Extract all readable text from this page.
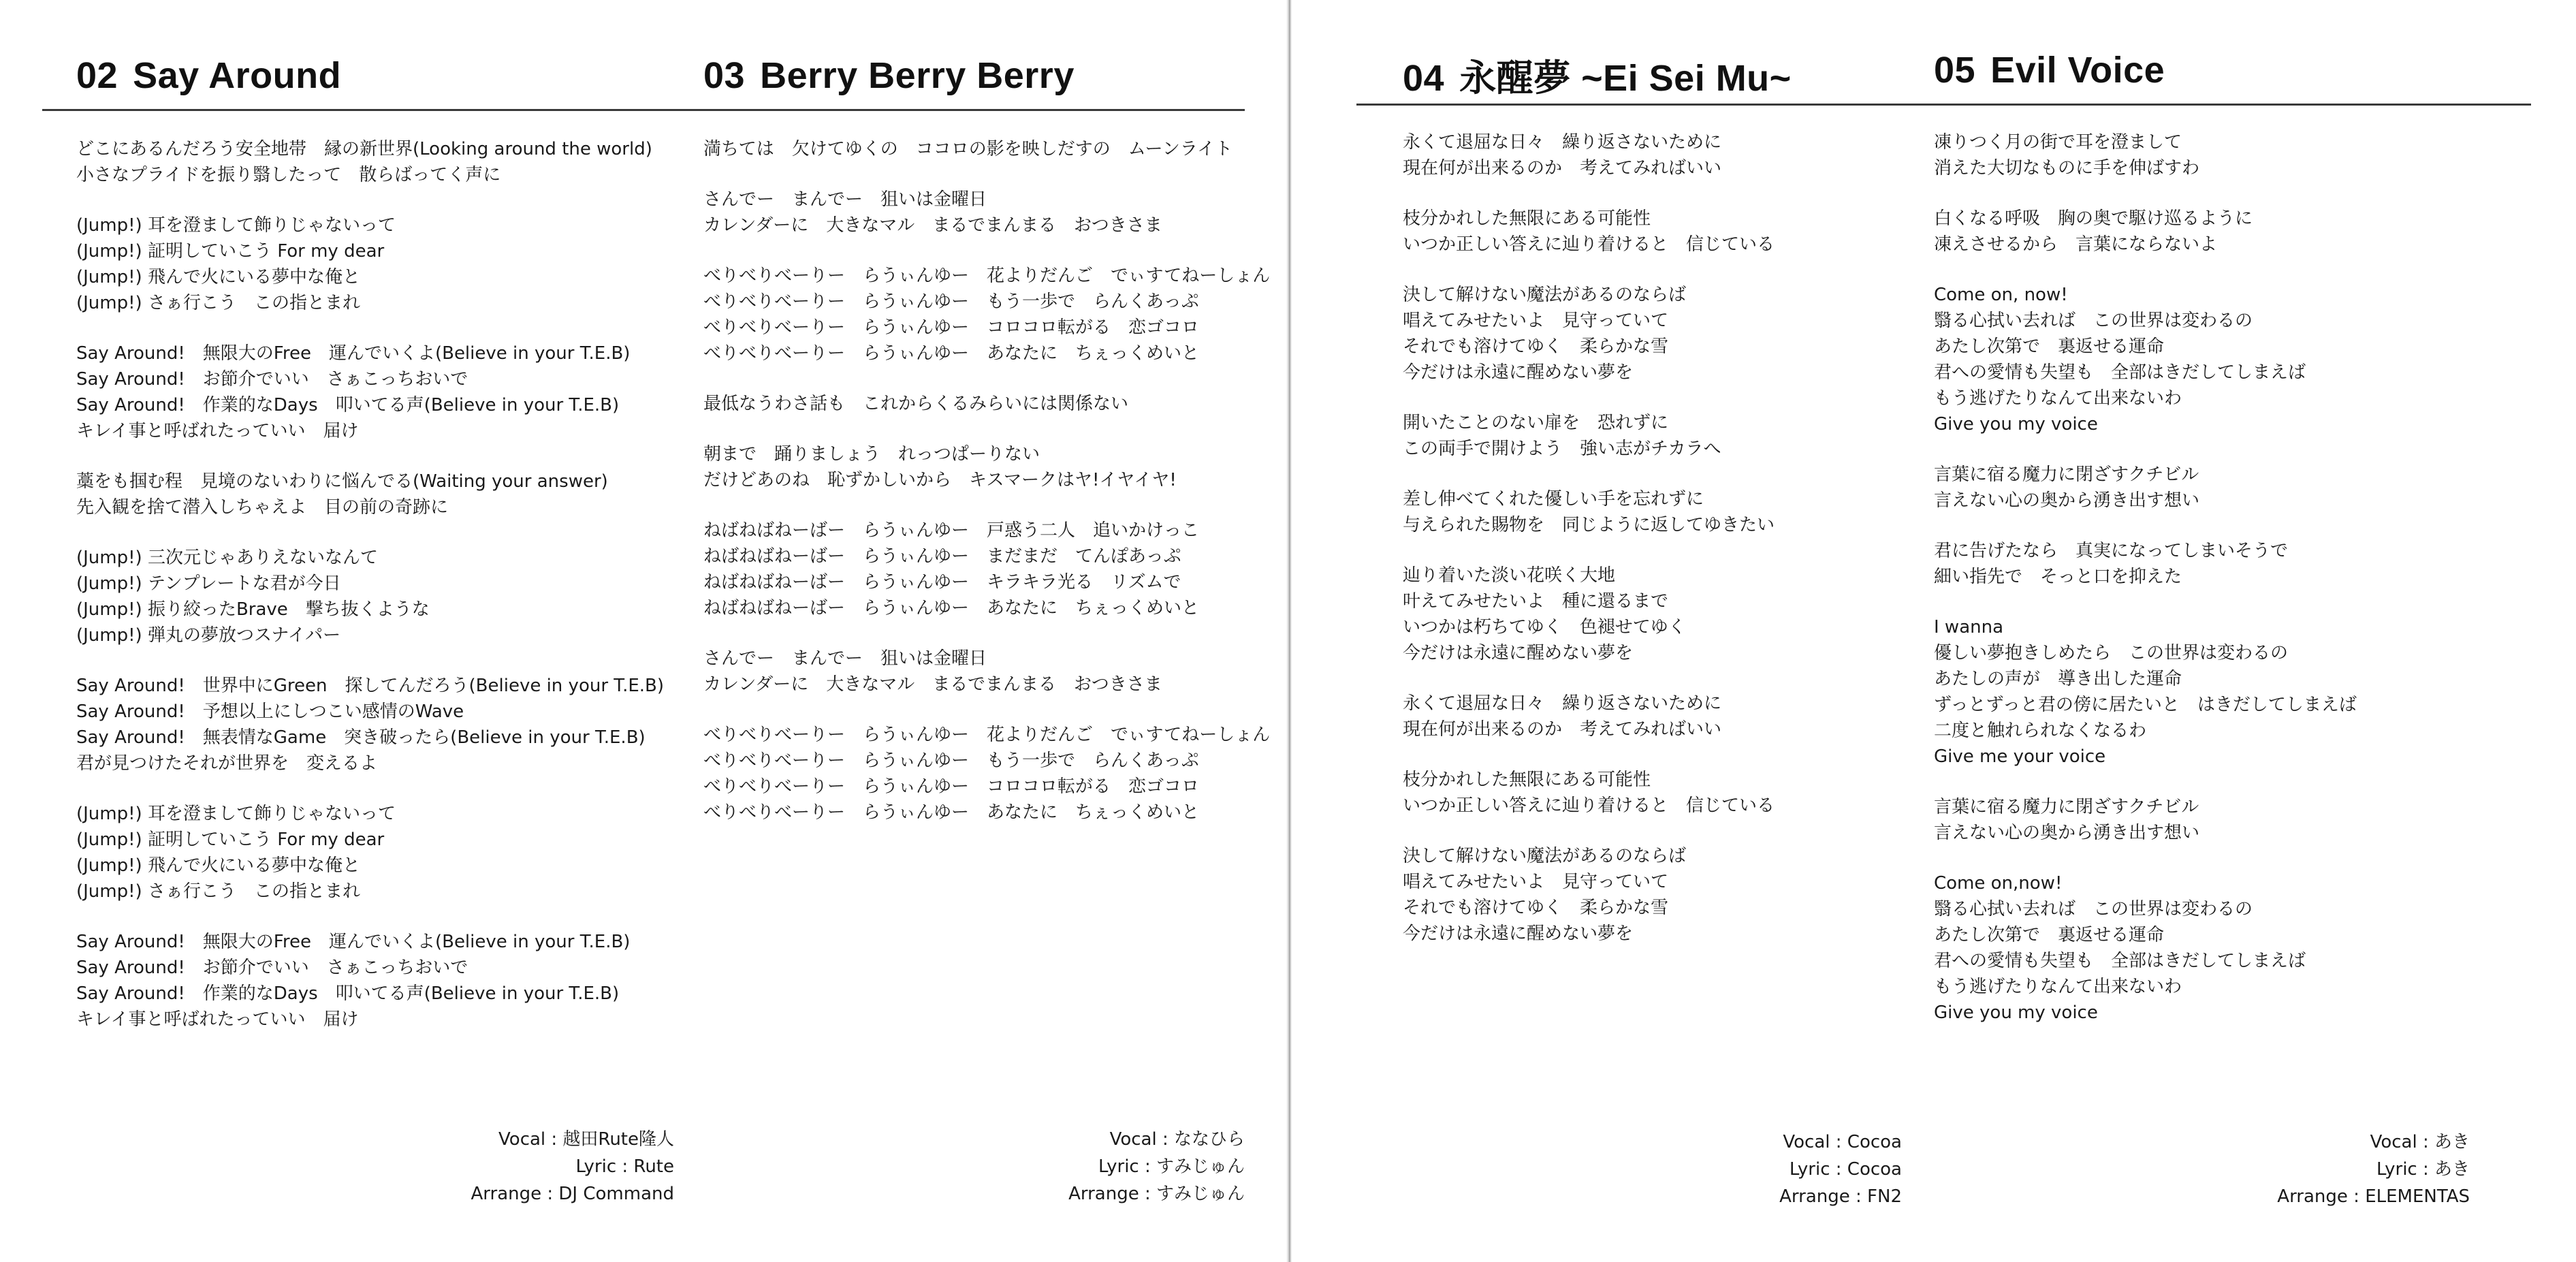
02 Say Around
どこにあるんだろう安全地帯　縁の新世界(Looking around the world)
小さなプライドを振り翳したって　散らばってく声に
(Jump!) 耳を澄まして飾りじゃないって
(Jump!) 証明していこう For my dear
(Jump!) 飛んで火にいる夢中な俺と
(Jump!) さぁ行こう　この指とまれ
Say Around!　無限大のFree　運んでいくよ(Believe in your T.E.B)
Say Around!　お節介でいい　さぁこっちおいで
Say Around!　作業的なDays　叩いてる声(Believe in your T.E.B)
キレイ事と呼ばれたっていい　届け
藁をも掴む程　見境のないわりに悩んでる(Waiting your answer)
先入観を捨て潜入しちゃえよ　目の前の奇跡に
(Jump!) 三次元じゃありえないなんて
(Jump!) テンプレートな君が今日
(Jump!) 振り絞ったBrave　撃ち抜くような
(Jump!) 弾丸の夢放つスナイパー
Say Around!　世界中にGreen　探してんだろう(Believe in your T.E.B)
Say Around!　予想以上にしつこい感情のWave
Say Around!　無表情なGame　突き破ったら(Believe in your T.E.B)
君が見つけたそれが世界を　変えるよ
(Jump!) 耳を澄まして飾りじゃないって
(Jump!) 証明していこう For my dear
(Jump!) 飛んで火にいる夢中な俺と
(Jump!) さぁ行こう　この指とまれ
Say Around!　無限大のFree　運んでいくよ(Believe in your T.E.B)
Say Around!　お節介でいい　さぁこっちおいで
Say Around!　作業的なDays　叩いてる声(Believe in your T.E.B)
キレイ事と呼ばれたっていい　届け
Vocal : 越田Rute隆人
Lyric : Rute
Arrange : DJ Command
03 Berry Berry Berry
満ちては　欠けてゆくの　ココロの影を映しだすの　ムーンライト
さんでー　まんでー　狙いは金曜日
カレンダーに　大きなマル　まるでまんまる　おつきさま
べりべりべーりー　らうぃんゆー　花よりだんご　でぃすてねーしょん
べりべりべーりー　らうぃんゆー　もう一歩で　らんくあっぷ
べりべりべーりー　らうぃんゆー　コロコロ転がる　恋ゴコロ
べりべりべーりー　らうぃんゆー　あなたに　ちぇっくめいと
最低なうわさ話も　これからくるみらいには関係ない
朝まで　踊りましょう　れっつぱーりない
だけどあのね　恥ずかしいから　キスマークはヤ!イヤイヤ!
ねばねばねーばー　らうぃんゆー　戸惑う二人　追いかけっこ
ねばねばねーばー　らうぃんゆー　まだまだ　てんぽあっぷ
ねばねばねーばー　らうぃんゆー　キラキラ光る　リズムで
ねばねばねーばー　らうぃんゆー　あなたに　ちぇっくめいと
さんでー　まんでー　狙いは金曜日
カレンダーに　大きなマル　まるでまんまる　おつきさま
べりべりべーりー　らうぃんゆー　花よりだんご　でぃすてねーしょん
べりべりべーりー　らうぃんゆー　もう一歩で　らんくあっぷ
べりべりべーりー　らうぃんゆー　コロコロ転がる　恋ゴコロ
べりべりべーりー　らうぃんゆー　あなたに　ちぇっくめいと
Vocal : ななひら
Lyric : すみじゅん
Arrange : すみじゅん
04 永醒夢 ~Ei Sei Mu~
永くて退屈な日々　繰り返さないために
現在何が出来るのか　考えてみればいい
枝分かれした無限にある可能性
いつか正しい答えに辿り着けると　信じている
決して解けない魔法があるのならば
唱えてみせたいよ　見守っていて
それでも溶けてゆく　柔らかな雪
今だけは永遠に醒めない夢を
開いたことのない扉を　恐れずに
この両手で開けよう　強い志がチカラへ
差し伸べてくれた優しい手を忘れずに
与えられた賜物を　同じように返してゆきたい
辿り着いた淡い花咲く大地
叶えてみせたいよ　種に還るまで
いつかは朽ちてゆく　色褪せてゆく
今だけは永遠に醒めない夢を
永くて退屈な日々　繰り返さないために
現在何が出来るのか　考えてみればいい
枝分かれした無限にある可能性
いつか正しい答えに辿り着けると　信じている
決して解けない魔法があるのならば
唱えてみせたいよ　見守っていて
それでも溶けてゆく　柔らかな雪
今だけは永遠に醒めない夢を
Vocal : Cocoa
Lyric : Cocoa
Arrange : FN2
05 Evil Voice
凍りつく月の街で耳を澄まして
消えた大切なものに手を伸ばすわ
白くなる呼吸　胸の奥で駆け巡るように
凍えさせるから　言葉にならないよ
Come on, now!
翳る心拭い去れば　この世界は変わるの
あたし次第で　裏返せる運命
君への愛情も失望も　全部はきだしてしまえば
もう逃げたりなんて出来ないわ
Give you my voice
言葉に宿る魔力に閉ざすクチビル
言えない心の奥から湧き出す想い
君に告げたなら　真実になってしまいそうで
細い指先で　そっと口を抑えた
I wanna
優しい夢抱きしめたら　この世界は変わるの
あたしの声が　導き出した運命
ずっとずっと君の傍に居たいと　はきだしてしまえば
二度と触れられなくなるわ
Give me your voice
言葉に宿る魔力に閉ざすクチビル
言えない心の奥から湧き出す想い
Come on,now!
翳る心拭い去れば　この世界は変わるの
あたし次第で　裏返せる運命
君への愛情も失望も　全部はきだしてしまえば
もう逃げたりなんて出来ないわ
Give you my voice
Vocal : あき
Lyric : あき
Arrange : ELEMENTAS
